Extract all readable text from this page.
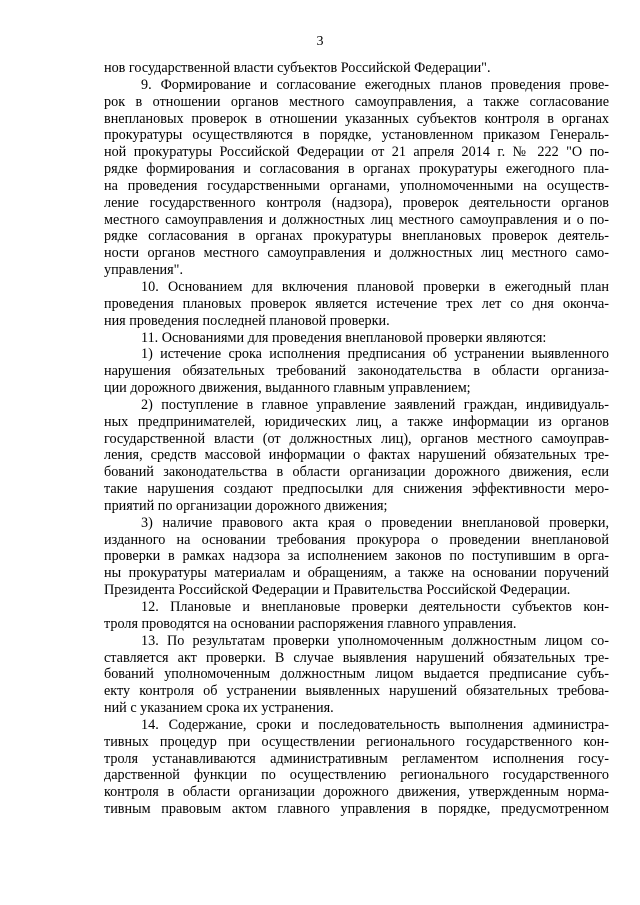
3
нов государственной власти субъектов Российской Федерации".
9. Формирование и согласование ежегодных планов проведения прове-
рок в отношении органов местного самоуправления, а также согласование
внеплановых проверок в отношении указанных субъектов контроля в органах
прокуратуры осуществляются в порядке, установленном приказом Генераль-
ной прокуратуры Российской Федерации от 21 апреля 2014 г. № 222 "О по-
рядке формирования и согласования в органах прокуратуры ежегодного пла-
на проведения государственными органами, уполномоченными на осуществ-
ление государственного контроля (надзора), проверок деятельности органов
местного самоуправления и должностных лиц местного самоуправления и о по-
рядке согласования в органах прокуратуры внеплановых проверок деятель-
ности органов местного самоуправления и должностных лиц местного само-
управления".
10. Основанием для включения плановой проверки в ежегодный план
проведения плановых проверок является истечение трех лет со дня оконча-
ния проведения последней плановой проверки.
11. Основаниями для проведения внеплановой проверки являются:
1) истечение срока исполнения предписания об устранении выявленного
нарушения обязательных требований законодательства в области организа-
ции дорожного движения, выданного главным управлением;
2) поступление в главное управление заявлений граждан, индивидуаль-
ных предпринимателей, юридических лиц, а также информации из органов
государственной власти (от должностных лиц), органов местного самоуправ-
ления, средств массовой информации о фактах нарушений обязательных тре-
бований законодательства в области организации дорожного движения, если
такие нарушения создают предпосылки для снижения эффективности меро-
приятий по организации дорожного движения;
3) наличие правового акта края о проведении внеплановой проверки,
изданного на основании требования прокурора о проведении внеплановой
проверки в рамках надзора за исполнением законов по поступившим в орга-
ны прокуратуры материалам и обращениям, а также на основании поручений
Президента Российской Федерации и Правительства Российской Федерации.
12. Плановые и внеплановые проверки деятельности субъектов кон-
троля проводятся на основании распоряжения главного управления.
13. По результатам проверки уполномоченным должностным лицом со-
ставляется акт проверки. В случае выявления нарушений обязательных тре-
бований уполномоченным должностным лицом выдается предписание субъ-
екту контроля об устранении выявленных нарушений обязательных требова-
ний с указанием срока их устранения.
14. Содержание, сроки и последовательность выполнения администра-
тивных процедур при осуществлении регионального государственного кон-
троля устанавливаются административным регламентом исполнения госу-
дарственной функции по осуществлению регионального государственного
контроля в области организации дорожного движения, утвержденным норма-
тивным правовым актом главного управления в порядке, предусмотренном
